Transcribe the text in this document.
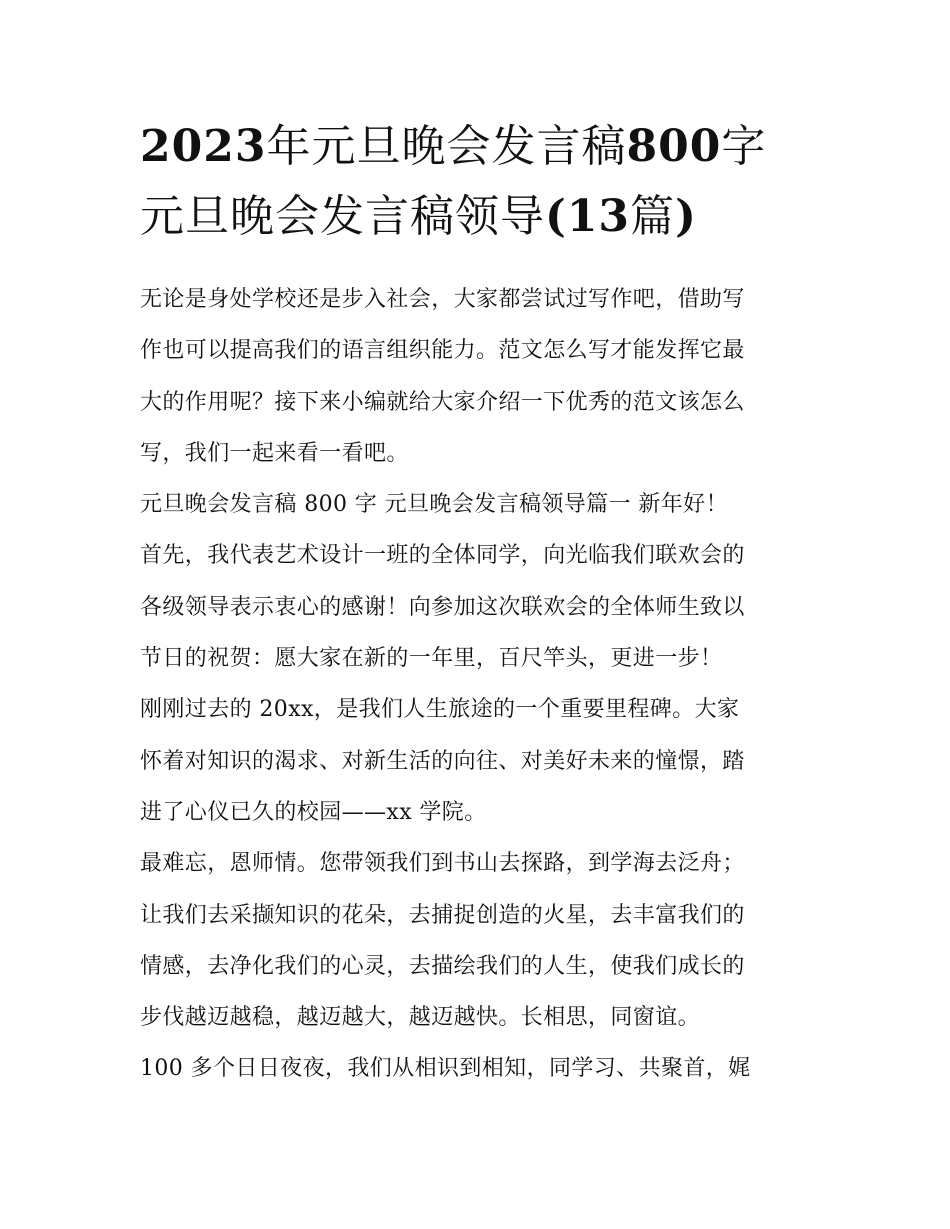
2023年元旦晚会发言稿800字
元旦晚会发言稿领导(13篇)
无论是身处学校还是步入社会，大家都尝试过写作吧，借助写
作也可以提高我们的语言组织能力。范文怎么写才能发挥它最
大的作用呢？接下来小编就给大家介绍一下优秀的范文该怎么
写，我们一起来看一看吧。
元旦晚会发言稿 800 字 元旦晚会发言稿领导篇一 新年好！
首先，我代表艺术设计一班的全体同学，向光临我们联欢会的
各级领导表示衷心的感谢！向参加这次联欢会的全体师生致以
节日的祝贺：愿大家在新的一年里，百尺竿头，更进一步！
刚刚过去的 20xx，是我们人生旅途的一个重要里程碑。大家
怀着对知识的渴求、对新生活的向往、对美好未来的憧憬，踏
进了心仪已久的校园——xx 学院。
最难忘，恩师情。您带领我们到书山去探路，到学海去泛舟；
让我们去采撷知识的花朵，去捕捉创造的火星，去丰富我们的
情感，去净化我们的心灵，去描绘我们的人生，使我们成长的
步伐越迈越稳，越迈越大，越迈越快。长相思，同窗谊。
100 多个日日夜夜，我们从相识到相知，同学习、共聚首，娓
